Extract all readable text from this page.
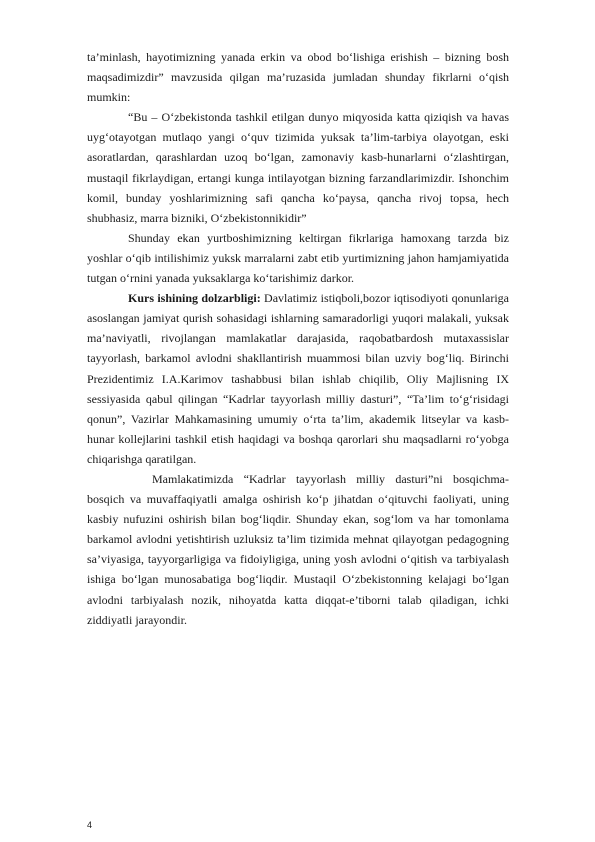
ta’minlash, hayotimizning yanada erkin va obod bo‘lishiga erishish – bizning bosh maqsadimizdir” mavzusida qilgan ma’ruzasida jumladan shunday fikrlarni o‘qish mumkin:

“Bu – O‘zbekistonda tashkil etilgan dunyo miqyosida katta qiziqish va havas uyg‘otayotgan mutlaqo yangi o‘quv tizimida yuksak ta’lim-tarbiya olayotgan, eski asoratlardan, qarashlardan uzoq bo‘lgan, zamonaviy kasb-hunarlarni o‘zlashtirgan, mustaqil fikrlaydigan, ertangi kunga intilayotgan bizning farzandlarimizdir. Ishonchim komil, bunday yoshlarimizning safi qancha ko‘paysa, qancha rivoj topsa, hech shubhasiz, marra bizniki, O‘zbekistonnikidir”

Shunday ekan yurtboshimizning keltirgan fikrlariga hamoxang tarzda biz yoshlar o‘qib intilishimiz yuksk marralarni zabt etib yurtimizning jahon hamjamiyatida tutgan o‘rnini yanada yuksaklarga ko‘tarishimiz darkor.

Kurs ishining dolzarbligi: Davlatimiz istiqboli,bozor iqtisodiyoti qonunlariga asoslangan jamiyat qurish sohasidagi ishlarning samaradorligi yuqori malakali, yuksak ma’naviyatli, rivojlangan mamlakatlar darajasida, raqobatbardosh mutaxassislar tayyorlash, barkamol avlodni shakllantirish muammosi bilan uzviy bog‘liq. Birinchi Prezidentimiz I.A.Karimov tashabbusi bilan ishlab chiqilib, Oliy Majlisning IX sessiyasida qabul qilingan “Kadrlar tayyorlash milliy dasturi”, “Ta’lim to‘g‘risidagi qonun”, Vazirlar Mahkamasining umumiy o‘rta ta’lim, akademik litseylar va kasb-hunar kollejlarini tashkil etish haqidagi va boshqa qarorlari shu maqsadlarni ro‘yobga chiqarishga qaratilgan.

Mamlakatimizda “Kadrlar tayyorlash milliy dasturi”ni bosqichma-bosqich va muvaffaqiyatli amalga oshirish ko‘p jihatdan o‘qituvchi faoliyati, uning kasbiy nufuzini oshirish bilan bog‘liqdir. Shunday ekan, sog‘lom va har tomonlama barkamol avlodni yetishtirish uzluksiz ta’lim tizimida mehnat qilayotgan pedagogning sa’viyasiga, tayyorgarligiga va fidoiyligiga, uning yosh avlodni o‘qitish va tarbiyalash ishiga bo‘lgan munosabatiga bog‘liqdir. Mustaqil O‘zbekistonning kelajagi bo‘lgan avlodni tarbiyalash nozik, nihoyatda katta diqqat-e’tiborni talab qiladigan, ichki ziddiyatli jarayondir.

4
